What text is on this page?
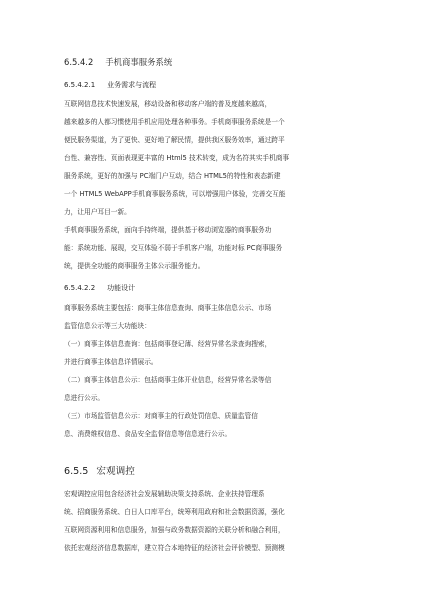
6.5.4.2 手机商事服务系统
6.5.4.2.1 业务需求与流程
互联网信息技术快速发展，移动设备和移动客户端的普及度越来越高，
越来越多的人都习惯使用手机应用处理各种事务。手机商事服务系统是一个
便民服务渠道，为了更快、更好地了解民情，提供我区服务效率，通过跨平
台性、兼容性、页面表现更丰富的 Html5 技术转变，成为名符其实手机商事
服务系统，更好的加强与 PC端门户互动，结合 HTML5的特性和表态新建
一个 HTML5 WebAPP手机商事服务系统，可以增强用户体验，完善交互能
力，让用户耳目一新。
手机商事服务系统，面向手持终端，提供基于移动浏览器的商事服务功
能：系统功能、展现，交互体验不弱于手机客户端，功能对标 PC商事服务
统，提供全功能的商事服务主体公示服务能力。
6.5.4.2.2 功能设计
商事服务系统主要包括：商事主体信息查询、商事主体信息公示、市场
监管信息公示等三大功能块：
（一）商事主体信息查询：包括商事登记薄、经营异常名录查询搜索，
并进行商事主体信息详情展示。
（二）商事主体信息公示：包括商事主体开业信息，经营异常名录等信
息进行公示。
（三）市场监管信息公示：对商事主的行政处罚信息、质量监管信
息、消费维权信息、食品安全监督信息等信息进行公示。
6.5.5 宏观调控
宏观调控应用包含经济社会发展辅助决策支持系统、企业扶持管理系
统、招商服务系统、白日人口库平台，统筹利用政府和社会数据资源，强化
互联网资源利用和信息服务，加强与政务数据资源的关联分析和融合利用，
依托宏观经济信息数据库，建立符合本地特征的经济社会评价模型、预测模
